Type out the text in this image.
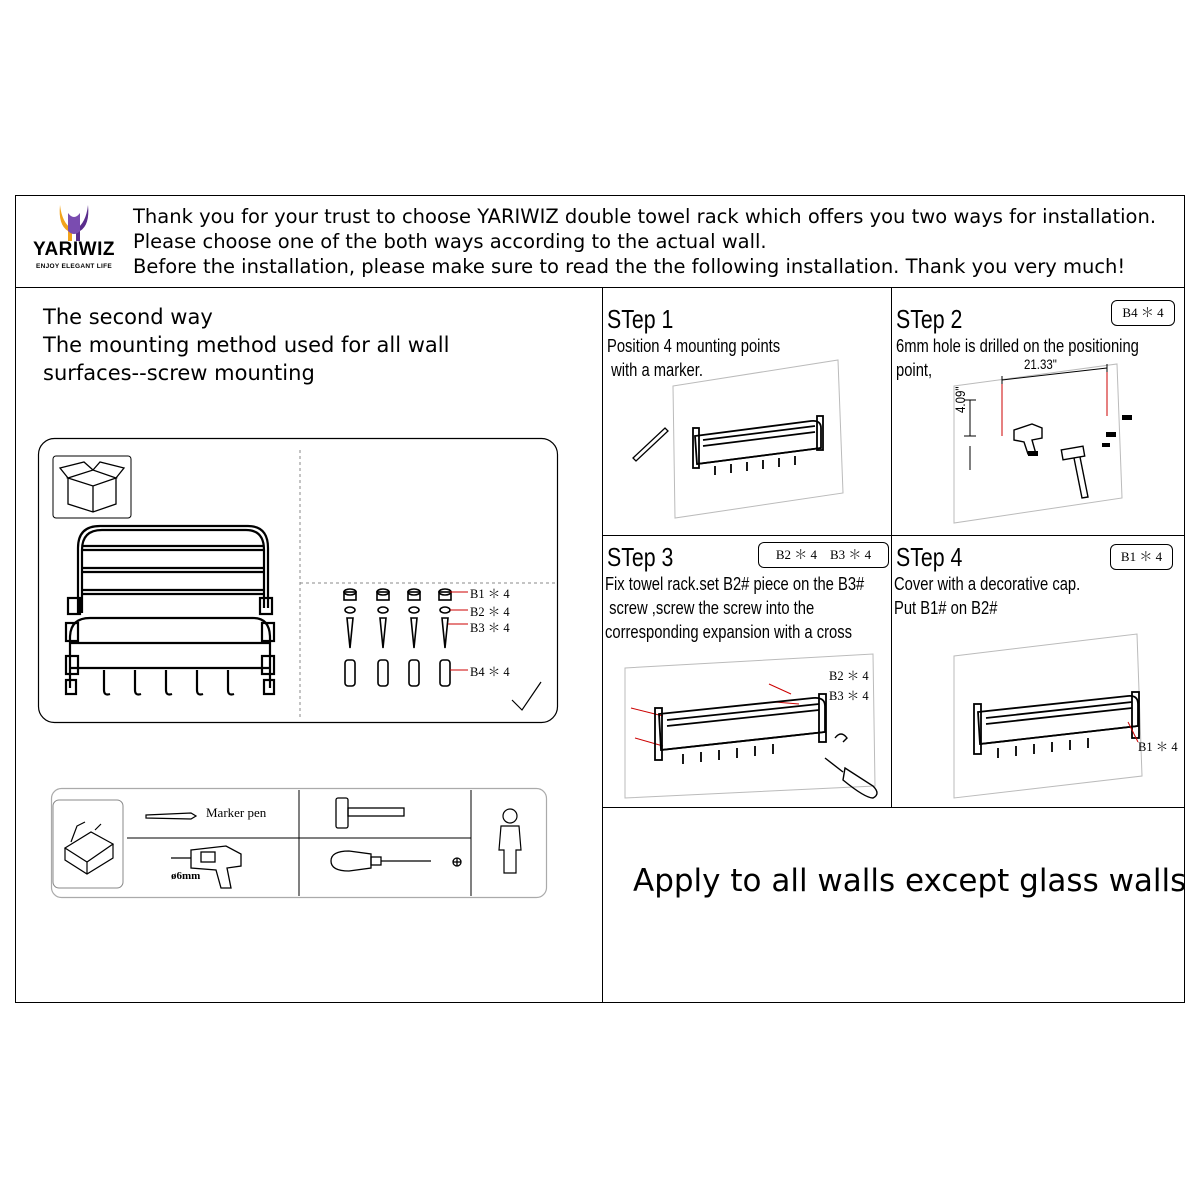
YARIWIZ
ENJOY ELEGANT LIFE
Thank you for your trust to choose YARIWIZ double towel rack which offers you two ways for installation.
Please choose one of the both ways according to the actual wall.
Before the installation, please make sure to read the the following installation. Thank you very much!
The second way
The mounting method used for all wall
surfaces--screw mounting
B1 ＊ 4
B2 ＊ 4
B3 ＊ 4
B4 ＊ 4
Marker pen
ø6mm
STep 1
Position 4 mounting points
with a marker.
STep 2
6mm hole is drilled on the positioning
point,
B4 ＊ 4
21.33"
4.09"
STep 3	B2 ＊ 4    B3 ＊ 4
Fix towel rack.set B2# piece on the B3#
screw ,screw the screw into the
corresponding expansion with a cross
B2 ＊ 4
B3 ＊ 4
STep 4	B1 ＊ 4
Cover with a decorative cap.
Put B1# on B2#
B1 ＊ 4
Apply to all walls except glass walls
